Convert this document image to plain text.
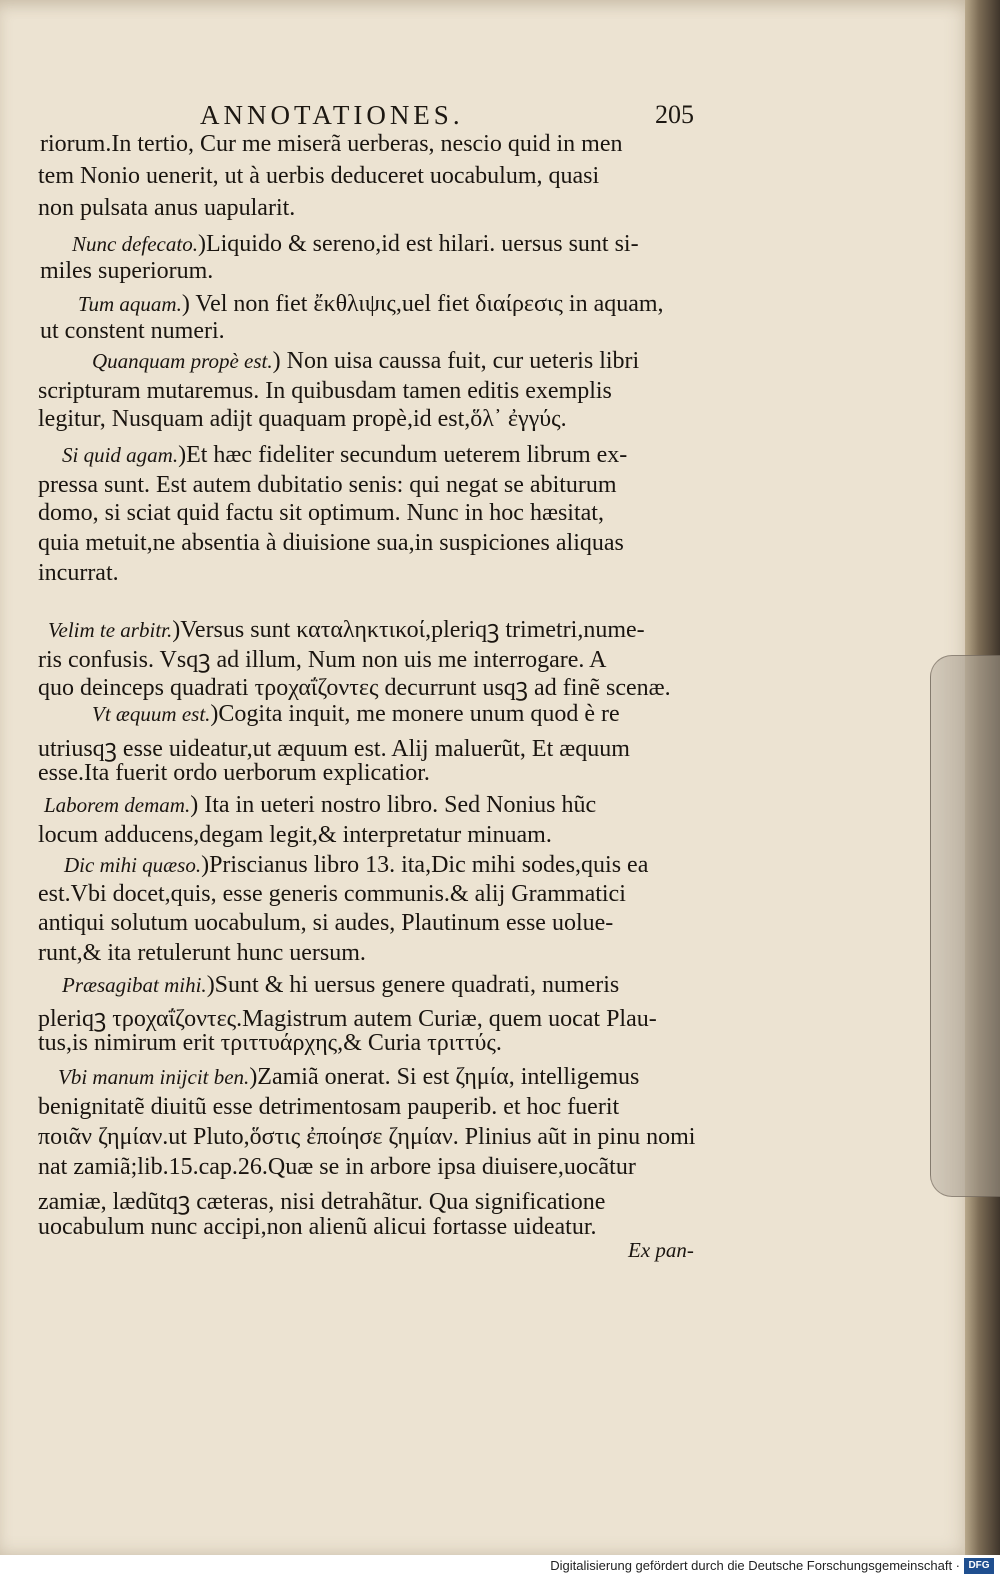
ANNOTATIONES.	205
riorum.In tertio, Cur me miserã uerberas, nescio quid in men
tem Nonio uenerit, ut à uerbis deduceret uocabulum, quasi
non pulsata anus uapularit.
Nunc defecato.)Liquido & sereno,id est hilari. uersus sunt si-
miles superiorum.
Tum aquam.) Vel non fiet ἔκθλιψις,uel fiet διαίρεσις in aquam,
ut constent numeri.
Quanquam propè est.) Non uisa caussa fuit, cur ueteris libri
scripturam mutaremus. In quibusdam tamen editis exemplis
legitur, Nusquam adijt quaquam propè,id est,ὅλ᾽ ἐγγύς.
Si quid agam.)Et hæc fideliter secundum ueterem librum ex-
pressa sunt. Est autem dubitatio senis: qui negat se abiturum
domo, si sciat quid factu sit optimum. Nunc in hoc hæsitat,
quia metuit,ne absentia à diuisione sua,in suspiciones aliquas
incurrat.
Velim te arbitr.)Versus sunt καταληκτικοί,pleriqꝫ trimetri,nume-
ris confusis. Vsqꝫ ad illum, Num non uis me interrogare. A
quo deinceps quadrati τροχαΐζοντες decurrunt usqꝫ ad finẽ scenæ.
Vt æquum est.)Cogita inquit, me monere unum quod è re
utriusqꝫ esse uideatur,ut æquum est. Alij maluerũt, Et æquum
esse.Ita fuerit ordo uerborum explicatior.
Laborem demam.) Ita in ueteri nostro libro. Sed Nonius hũc
locum adducens,degam legit,& interpretatur minuam.
Dic mihi quæso.)Priscianus libro 13. ita,Dic mihi sodes,quis ea
est.Vbi docet,quis, esse generis communis.& alij Grammatici
antiqui solutum uocabulum, si audes, Plautinum esse uolue-
runt,& ita retulerunt hunc uersum.
Præsagibat mihi.)Sunt & hi uersus genere quadrati, numeris
pleriqꝫ τροχαΐζοντες.Magistrum autem Curiæ, quem uocat Plau-
tus,is nimirum erit τριττυάρχης,& Curia τριττύς.
Vbi manum inijcit ben.)Zamiã onerat. Si est ζημία, intelligemus
benignitatẽ diuitũ esse detrimentosam pauperib. et hoc fuerit
ποιᾶν ζημίαν.ut Pluto,ὅστις ἐποίησε ζημίαν. Plinius aũt in pinu nomi
nat zamiã;lib.15.cap.26.Quæ se in arbore ipsa diuisere,uocãtur
zamiæ, lædũtqꝫ cæteras, nisi detrahãtur. Qua significatione
uocabulum nunc accipi,non alienũ alicui fortasse uideatur.
Ex pan-
Digitalisierung gefördert durch die Deutsche Forschungsgemeinschaft · DFG
